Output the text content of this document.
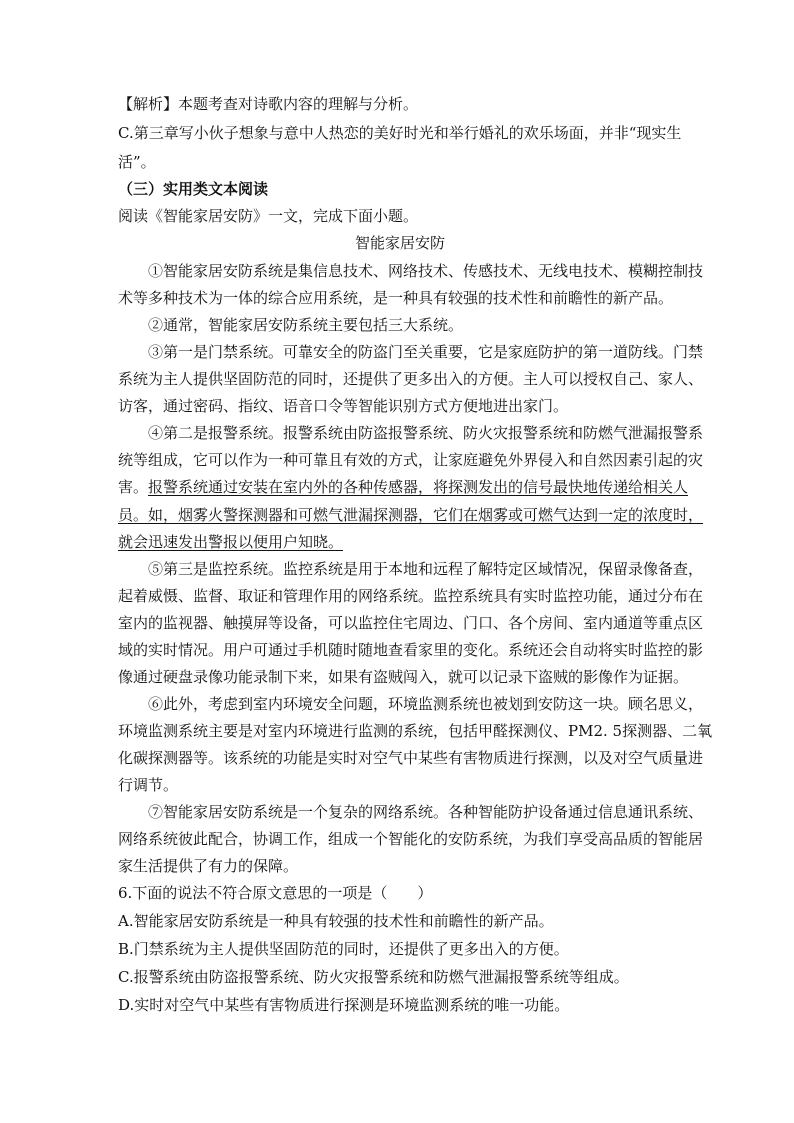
【解析】本题考查对诗歌内容的理解与分析。
C.第三章写小伙子想象与意中人热恋的美好时光和举行婚礼的欢乐场面，并非“现实生
活”。
（三）实用类文本阅读
阅读《智能家居安防》一文，完成下面小题。
智能家居安防
①智能家居安防系统是集信息技术、网络技术、传感技术、无线电技术、模糊控制技
术等多种技术为一体的综合应用系统，是一种具有较强的技术性和前瞻性的新产品。
②通常，智能家居安防系统主要包括三大系统。
③第一是门禁系统。可靠安全的防盗门至关重要，它是家庭防护的第一道防线。门禁
系统为主人提供坚固防范的同时，还提供了更多出入的方便。主人可以授权自己、家人、
访客，通过密码、指纹、语音口令等智能识别方式方便地进出家门。
④第二是报警系统。报警系统由防盗报警系统、防火灾报警系统和防燃气泄漏报警系
统等组成，它可以作为一种可靠且有效的方式，让家庭避免外界侵入和自然因素引起的灾
害。报警系统通过安装在室内外的各种传感器，将探测发出的信号最快地传递给相关人
员。如，烟雾火警探测器和可燃气泄漏探测器，它们在烟雾或可燃气达到一定的浓度时，
就会迅速发出警报以便用户知晓。
⑤第三是监控系统。监控系统是用于本地和远程了解特定区域情况，保留录像备查，
起着威慑、监督、取证和管理作用的网络系统。监控系统具有实时监控功能，通过分布在
室内的监视器、触摸屏等设备，可以监控住宅周边、门口、各个房间、室内通道等重点区
域的实时情况。用户可通过手机随时随地查看家里的变化。系统还会自动将实时监控的影
像通过硬盘录像功能录制下来，如果有盗贼闯入，就可以记录下盗贼的影像作为证据。
⑥此外，考虑到室内环境安全问题，环境监测系统也被划到安防这一块。顾名思义，
环境监测系统主要是对室内环境进行监测的系统，包括甲醛探测仪、PM2. 5探测器、二氧
化碳探测器等。该系统的功能是实时对空气中某些有害物质进行探测，以及对空气质量进
行调节。
⑦智能家居安防系统是一个复杂的网络系统。各种智能防护设备通过信息通讯系统、
网络系统彼此配合，协调工作，组成一个智能化的安防系统，为我们享受高品质的智能居
家生活提供了有力的保障。
6.下面的说法不符合原文意思的一项是（　　）
A.智能家居安防系统是一种具有较强的技术性和前瞻性的新产品。
B.门禁系统为主人提供坚固防范的同时，还提供了更多出入的方便。
C.报警系统由防盗报警系统、防火灾报警系统和防燃气泄漏报警系统等组成。
D.实时对空气中某些有害物质进行探测是环境监测系统的唯一功能。
